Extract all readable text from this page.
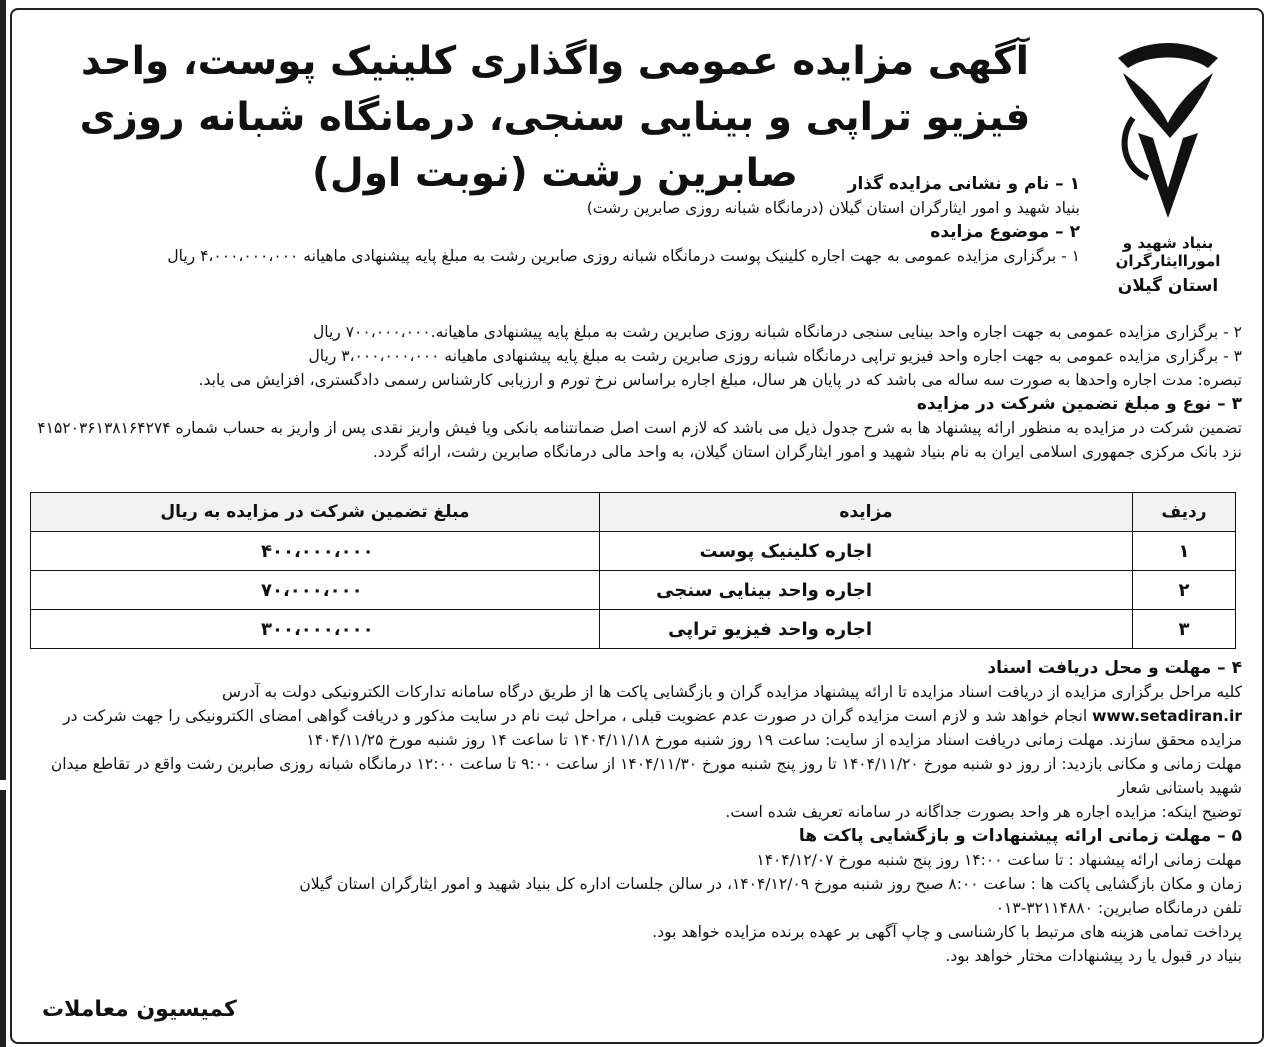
بنیاد شهید و اموراایثارگران
استان گیلان
آگهی مزایده عمومی واگذاری کلینیک پوست، واحد فیزیو تراپی و بینایی سنجی، درمانگاه شبانه روزی صابرین رشت (نوبت اول)	۱ – نام و نشانی مزایده گذار

بنیاد شهید و امور ایثارگران استان گیلان (درمانگاه شبانه روزی صابرین رشت)

۲ – موضوع مزایده

۱ - برگزاری مزایده عمومی به جهت اجاره کلینیک پوست درمانگاه شبانه روزی صابرین رشت به مبلغ پایه پیشنهادی ماهیانه ۴،۰۰۰،۰۰۰،۰۰۰ ریال

۲ - برگزاری مزایده عمومی به جهت اجاره واحد بینایی سنجی درمانگاه شبانه روزی صابرین رشت به مبلغ پایه پیشنهادی ماهیانه.۷۰۰،۰۰۰،۰۰۰ ریال

۳ - برگزاری مزایده عمومی به جهت اجاره واحد فیزیو تراپی درمانگاه شبانه روزی صابرین رشت به مبلغ پایه پیشنهادی ماهیانه ۳،۰۰۰،۰۰۰،۰۰۰ ریال

تبصره: مدت اجاره واحدها به صورت سه ساله می باشد که در پایان هر سال، مبلغ اجاره براساس نرخ تورم و ارزیابی کارشناس رسمی دادگستری، افزایش می یابد.

۳ – نوع و مبلغ تضمین شرکت در مزایده

تضمین شرکت در مزایده به منظور ارائه پیشنهاد ها به شرح جدول ذیل می باشد که لازم است اصل ضمانتنامه بانکی ویا فیش واریز نقدی پس از واریز به حساب شماره ۴۱۵۲۰۳۶۱۳۸۱۶۴۲۷۴ نزد بانک مرکزی جمهوری اسلامی ایران به نام بنیاد شهید و امور ایثارگران استان گیلان، به واحد مالی درمانگاه صابرین رشت، ارائه گردد.

ردیف	مزایده	مبلغ تضمین شرکت در مزایده به ریال
۱	اجاره کلینیک پوست	۴۰۰،۰۰۰،۰۰۰
۲	اجاره واحد بینایی سنجی	۷۰،۰۰۰،۰۰۰
۳	اجاره واحد فیزیو تراپی	۳۰۰،۰۰۰،۰۰۰

۴ – مهلت و محل دریافت اسناد

کلیه مراحل برگزاری مزایده از دریافت اسناد مزایده تا ارائه پیشنهاد مزایده گران و بازگشایی پاکت ها از طریق درگاه سامانه تدارکات الکترونیکی دولت به آدرس

www.setadiran.ir انجام خواهد شد و لازم است مزایده گران در صورت عدم عضویت قبلی ، مراحل ثبت نام در سایت مذکور و دریافت گواهی امضای الکترونیکی را جهت شرکت در مزایده محقق سازند. مهلت زمانی دریافت اسناد مزایده از سایت: ساعت ۱۹ روز شنبه مورخ ۱۴۰۴/۱۱/۱۸ تا ساعت ۱۴ روز شنبه مورخ ۱۴۰۴/۱۱/۲۵

مهلت زمانی و مکانی بازدید: از روز دو شنبه مورخ ۱۴۰۴/۱۱/۲۰ تا روز پنج شنبه مورخ ۱۴۰۴/۱۱/۳۰ از ساعت ۹:۰۰ تا ساعت ۱۲:۰۰ درمانگاه شبانه روزی صابرین رشت واقع در تقاطع میدان شهید باستانی شعار

توضیح اینکه: مزایده اجاره هر واحد بصورت جداگانه در سامانه تعریف شده است.

۵ – مهلت زمانی ارائه پیشنهادات و بازگشایی پاکت ها

مهلت زمانی ارائه پیشنهاد : تا ساعت ۱۴:۰۰ روز پنج شنبه مورخ ۱۴۰۴/۱۲/۰۷

زمان و مکان بازگشایی پاکت ها : ساعت ۸:۰۰ صبح روز شنبه مورخ ۱۴۰۴/۱۲/۰۹، در سالن جلسات اداره کل بنیاد شهید و امور ایثارگران استان گیلان

تلفن درمانگاه صابرین: ۳۲۱۱۴۸۸۰-۰۱۳

پرداخت تمامی هزینه های مرتبط با کارشناسی و چاپ آگهی بر عهده برنده مزایده خواهد بود.

بنیاد در قبول یا رد پیشنهادات مختار خواهد بود.

کمیسیون معاملات
